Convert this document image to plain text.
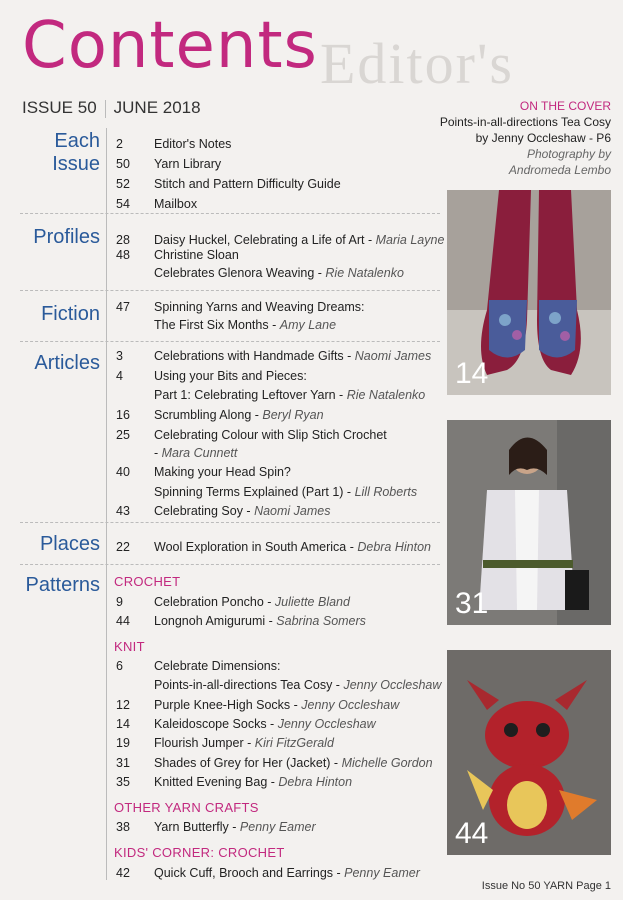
Editor's
Contents
ISSUE 50 JUNE 2018	ON THE COVER
Points-in-all-directions Tea Cosy
by Jenny Occleshaw - P6
Photography by
Andromeda Lembo
Each Issue
Profiles
Fiction
Articles
Places
Patterns
2 Editor's Notes
50 Yarn Library
52 Stitch and Pattern Difficulty Guide
54 Mailbox
28 Daisy Huckel, Celebrating a Life of Art - Maria Layne
48 Christine Sloan
Celebrates Glenora Weaving - Rie Natalenko
47 Spinning Yarns and Weaving Dreams:
The First Six Months - Amy Lane
3 Celebrations with Handmade Gifts - Naomi James
4 Using your Bits and Pieces:
Part 1: Celebrating Leftover Yarn - Rie Natalenko
16 Scrumbling Along - Beryl Ryan
25 Celebrating Colour with Slip Stich Crochet
- Mara Cunnett
40 Making your Head Spin?
Spinning Terms Explained (Part 1) - Lill Roberts
43 Celebrating Soy - Naomi James
22 Wool Exploration in South America - Debra Hinton
CROCHET
9 Celebration Poncho - Juliette Bland
44 Longnoh Amigurumi - Sabrina Somers
KNIT
6 Celebrate Dimensions:
Points-in-all-directions Tea Cosy - Jenny Occleshaw
12 Purple Knee-High Socks - Jenny Occleshaw
14 Kaleidoscope Socks - Jenny Occleshaw
19 Flourish Jumper - Kiri FitzGerald
31 Shades of Grey for Her (Jacket) - Michelle Gordon
35 Knitted Evening Bag - Debra Hinton
OTHER YARN CRAFTS
38 Yarn Butterfly - Penny Eamer
KIDS' CORNER: CROCHET
42 Quick Cuff, Brooch and Earrings - Penny Eamer
14
31
44
Issue No 50 YARN Page 1
